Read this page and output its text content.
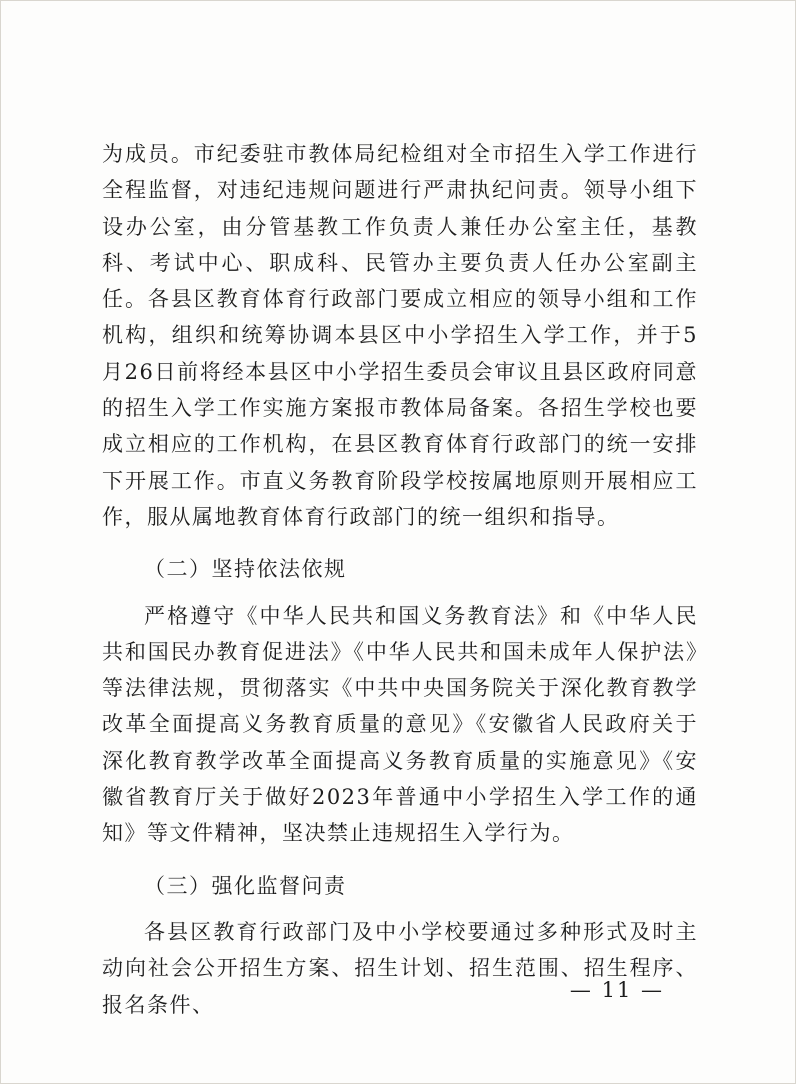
为成员。市纪委驻市教体局纪检组对全市招生入学工作进行全程监督，对违纪违规问题进行严肃执纪问责。领导小组下设办公室，由分管基教工作负责人兼任办公室主任，基教科、考试中心、职成科、民管办主要负责人任办公室副主任。各县区教育体育行政部门要成立相应的领导小组和工作机构，组织和统筹协调本县区中小学招生入学工作，并于5月26日前将经本县区中小学招生委员会审议且县区政府同意的招生入学工作实施方案报市教体局备案。各招生学校也要成立相应的工作机构，在县区教育体育行政部门的统一安排下开展工作。市直义务教育阶段学校按属地原则开展相应工作，服从属地教育体育行政部门的统一组织和指导。

（二）坚持依法依规

严格遵守《中华人民共和国义务教育法》和《中华人民共和国民办教育促进法》《中华人民共和国未成年人保护法》等法律法规，贯彻落实《中共中央国务院关于深化教育教学改革全面提高义务教育质量的意见》《安徽省人民政府关于深化教育教学改革全面提高义务教育质量的实施意见》《安徽省教育厅关于做好2023年普通中小学招生入学工作的通知》等文件精神，坚决禁止违规招生入学行为。

（三）强化监督问责

各县区教育行政部门及中小学校要通过多种形式及时主动向社会公开招生方案、招生计划、招生范围、招生程序、报名条件、

— 11 —
